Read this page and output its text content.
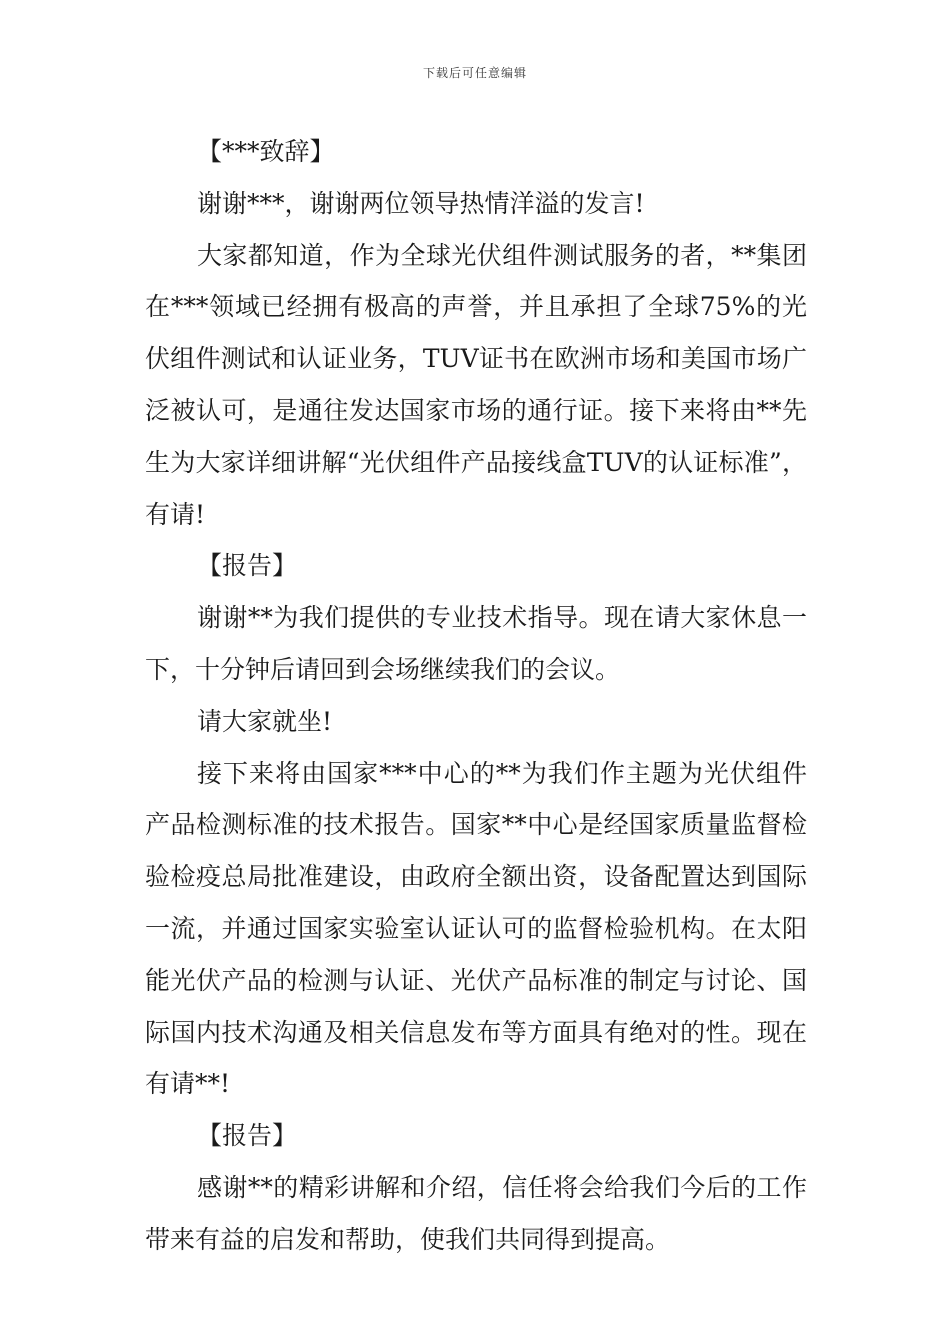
下载后可任意编辑

【***致辞】

谢谢***，谢谢两位领导热情洋溢的发言!

大家都知道，作为全球光伏组件测试服务的者，**集团在***领域已经拥有极高的声誉，并且承担了全球75%的光伏组件测试和认证业务，TUV证书在欧洲市场和美国市场广泛被认可，是通往发达国家市场的通行证。接下来将由**先生为大家详细讲解“光伏组件产品接线盒TUV的认证标准”，有请!

【报告】

谢谢**为我们提供的专业技术指导。现在请大家休息一下，十分钟后请回到会场继续我们的会议。

请大家就坐!

接下来将由国家***中心的**为我们作主题为光伏组件产品检测标准的技术报告。国家**中心是经国家质量监督检验检疫总局批准建设，由政府全额出资，设备配置达到国际一流，并通过国家实验室认证认可的监督检验机构。在太阳能光伏产品的检测与认证、光伏产品标准的制定与讨论、国际国内技术沟通及相关信息发布等方面具有绝对的性。现在有请**!

【报告】

感谢**的精彩讲解和介绍，信任将会给我们今后的工作带来有益的启发和帮助，使我们共同得到提高。
